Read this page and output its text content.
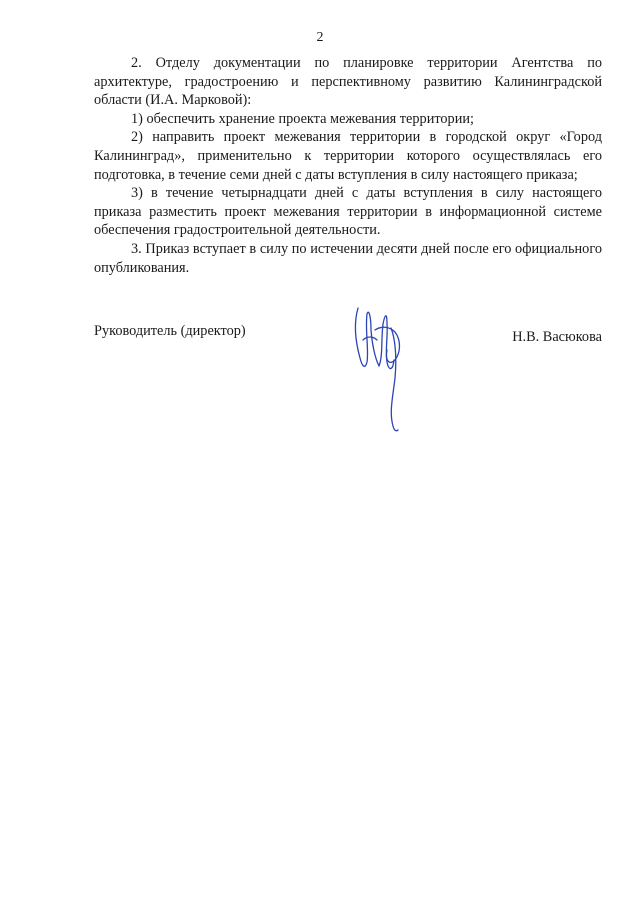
2

2. Отделу документации по планировке территории Агентства по архитектуре, градостроению и перспективному развитию Калининградской области (И.А. Марковой):

1) обеспечить хранение проекта межевания территории;

2) направить проект межевания территории в городской округ «Город Калининград», применительно к территории которого осуществлялась его подготовка, в течение семи дней с даты вступления в силу настоящего приказа;

3) в течение четырнадцати дней с даты вступления в силу настоящего приказа разместить проект межевания территории в информационной системе обеспечения градостроительной деятельности.

3. Приказ вступает в силу по истечении десяти дней после его официального опубликования.

Руководитель (директор)	Н.В. Васюкова
